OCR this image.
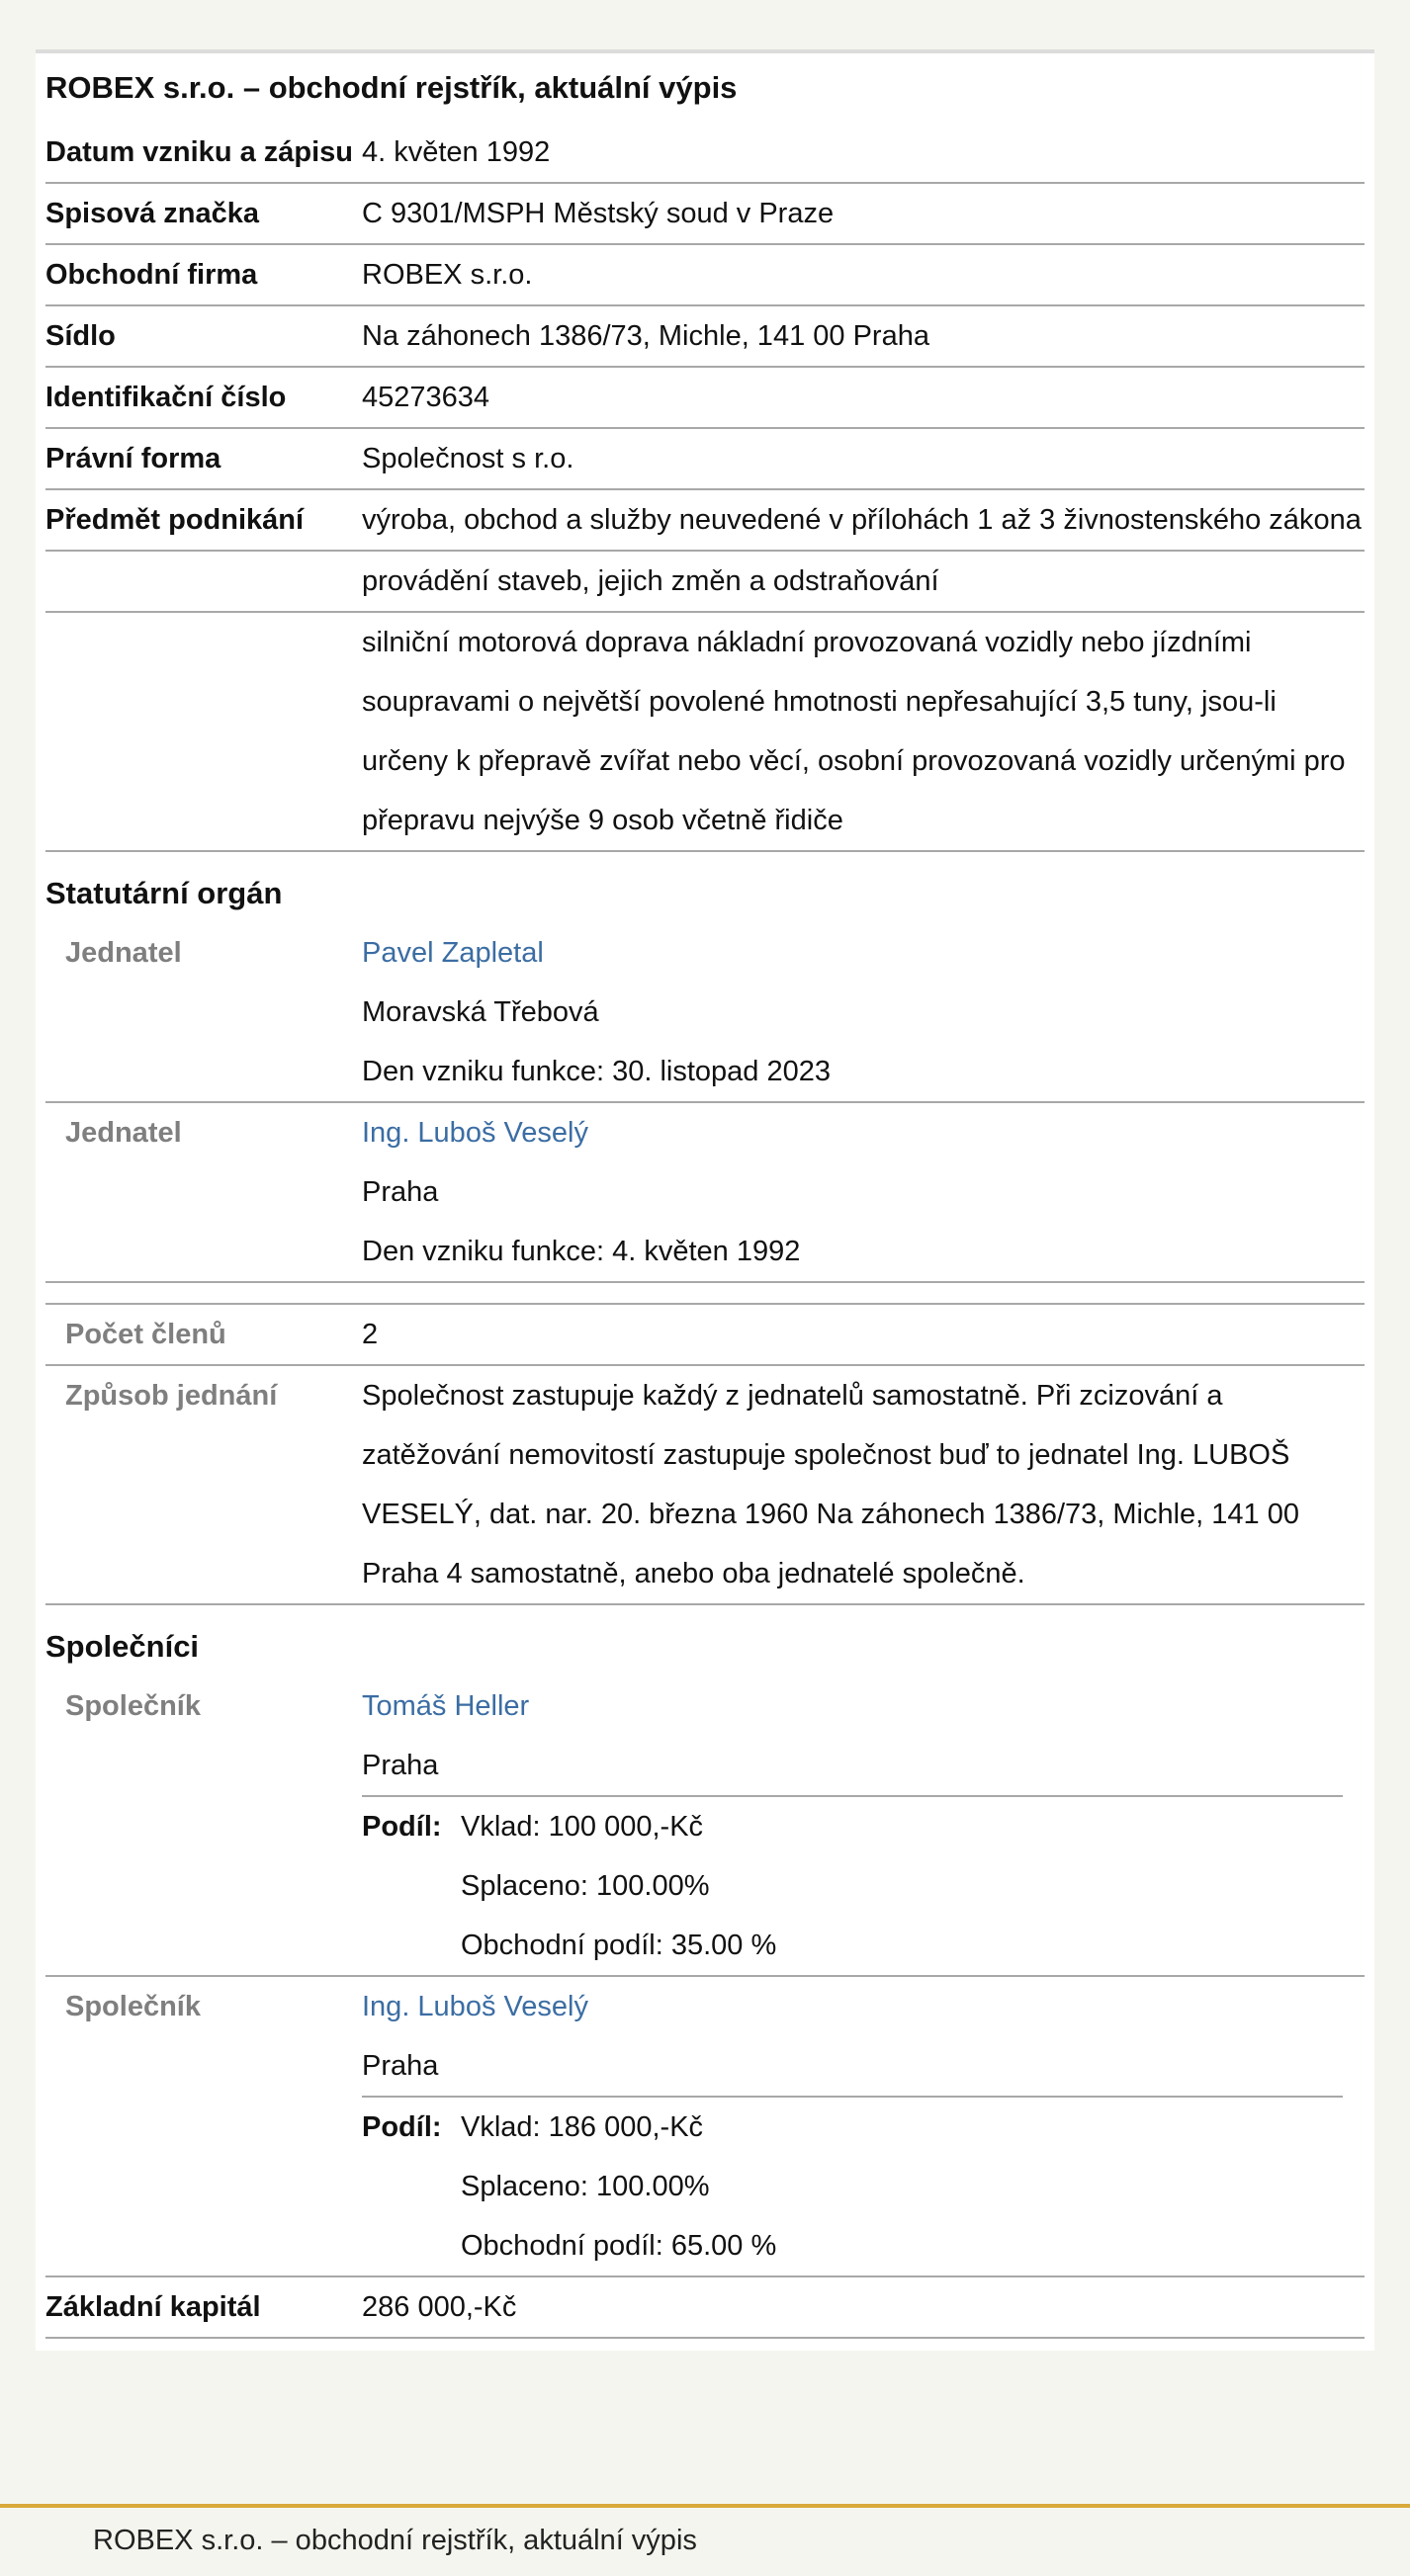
ROBEX s.r.o. – obchodní rejstřík, aktuální výpis
Datum vzniku a zápisu 4. květen 1992
Spisová značka	C 9301/MSPH Městský soud v Praze
Obchodní firma	ROBEX s.r.o.
Sídlo	Na záhonech 1386/73, Michle, 141 00 Praha
Identifikační číslo	45273634
Právní forma	Společnost s r.o.
Předmět podnikání	výroba, obchod a služby neuvedené v přílohách 1 až 3 živnostenského zákona
provádění staveb, jejich změn a odstraňování
silniční motorová doprava nákladní provozovaná vozidly nebo jízdními soupravami o největší povolené hmotnosti nepřesahující 3,5 tuny, jsou-li určeny k přepravě zvířat nebo věcí, osobní provozovaná vozidly určenými pro přepravu nejvýše 9 osob včetně řidiče
Statutární orgán
Jednatel	Pavel Zapletal
Moravská Třebová
Den vzniku funkce: 30. listopad 2023
Jednatel	Ing. Luboš Veselý
Praha
Den vzniku funkce: 4. květen 1992
Počet členů	2
Způsob jednání	Společnost zastupuje každý z jednatelů samostatně. Při zcizování a zatěžování nemovitostí zastupuje společnost buď to jednatel Ing. LUBOŠ VESELÝ, dat. nar. 20. března 1960 Na záhonech 1386/73, Michle, 141 00 Praha 4 samostatně, anebo oba jednatelé společně.
Společníci
Společník	Tomáš Heller
Praha
Podíl: Vklad: 100 000,-Kč
Splaceno: 100.00%
Obchodní podíl: 35.00 %
Společník	Ing. Luboš Veselý
Praha
Podíl: Vklad: 186 000,-Kč
Splaceno: 100.00%
Obchodní podíl: 65.00 %
Základní kapitál	286 000,-Kč
ROBEX s.r.o. – obchodní rejstřík, aktuální výpis
